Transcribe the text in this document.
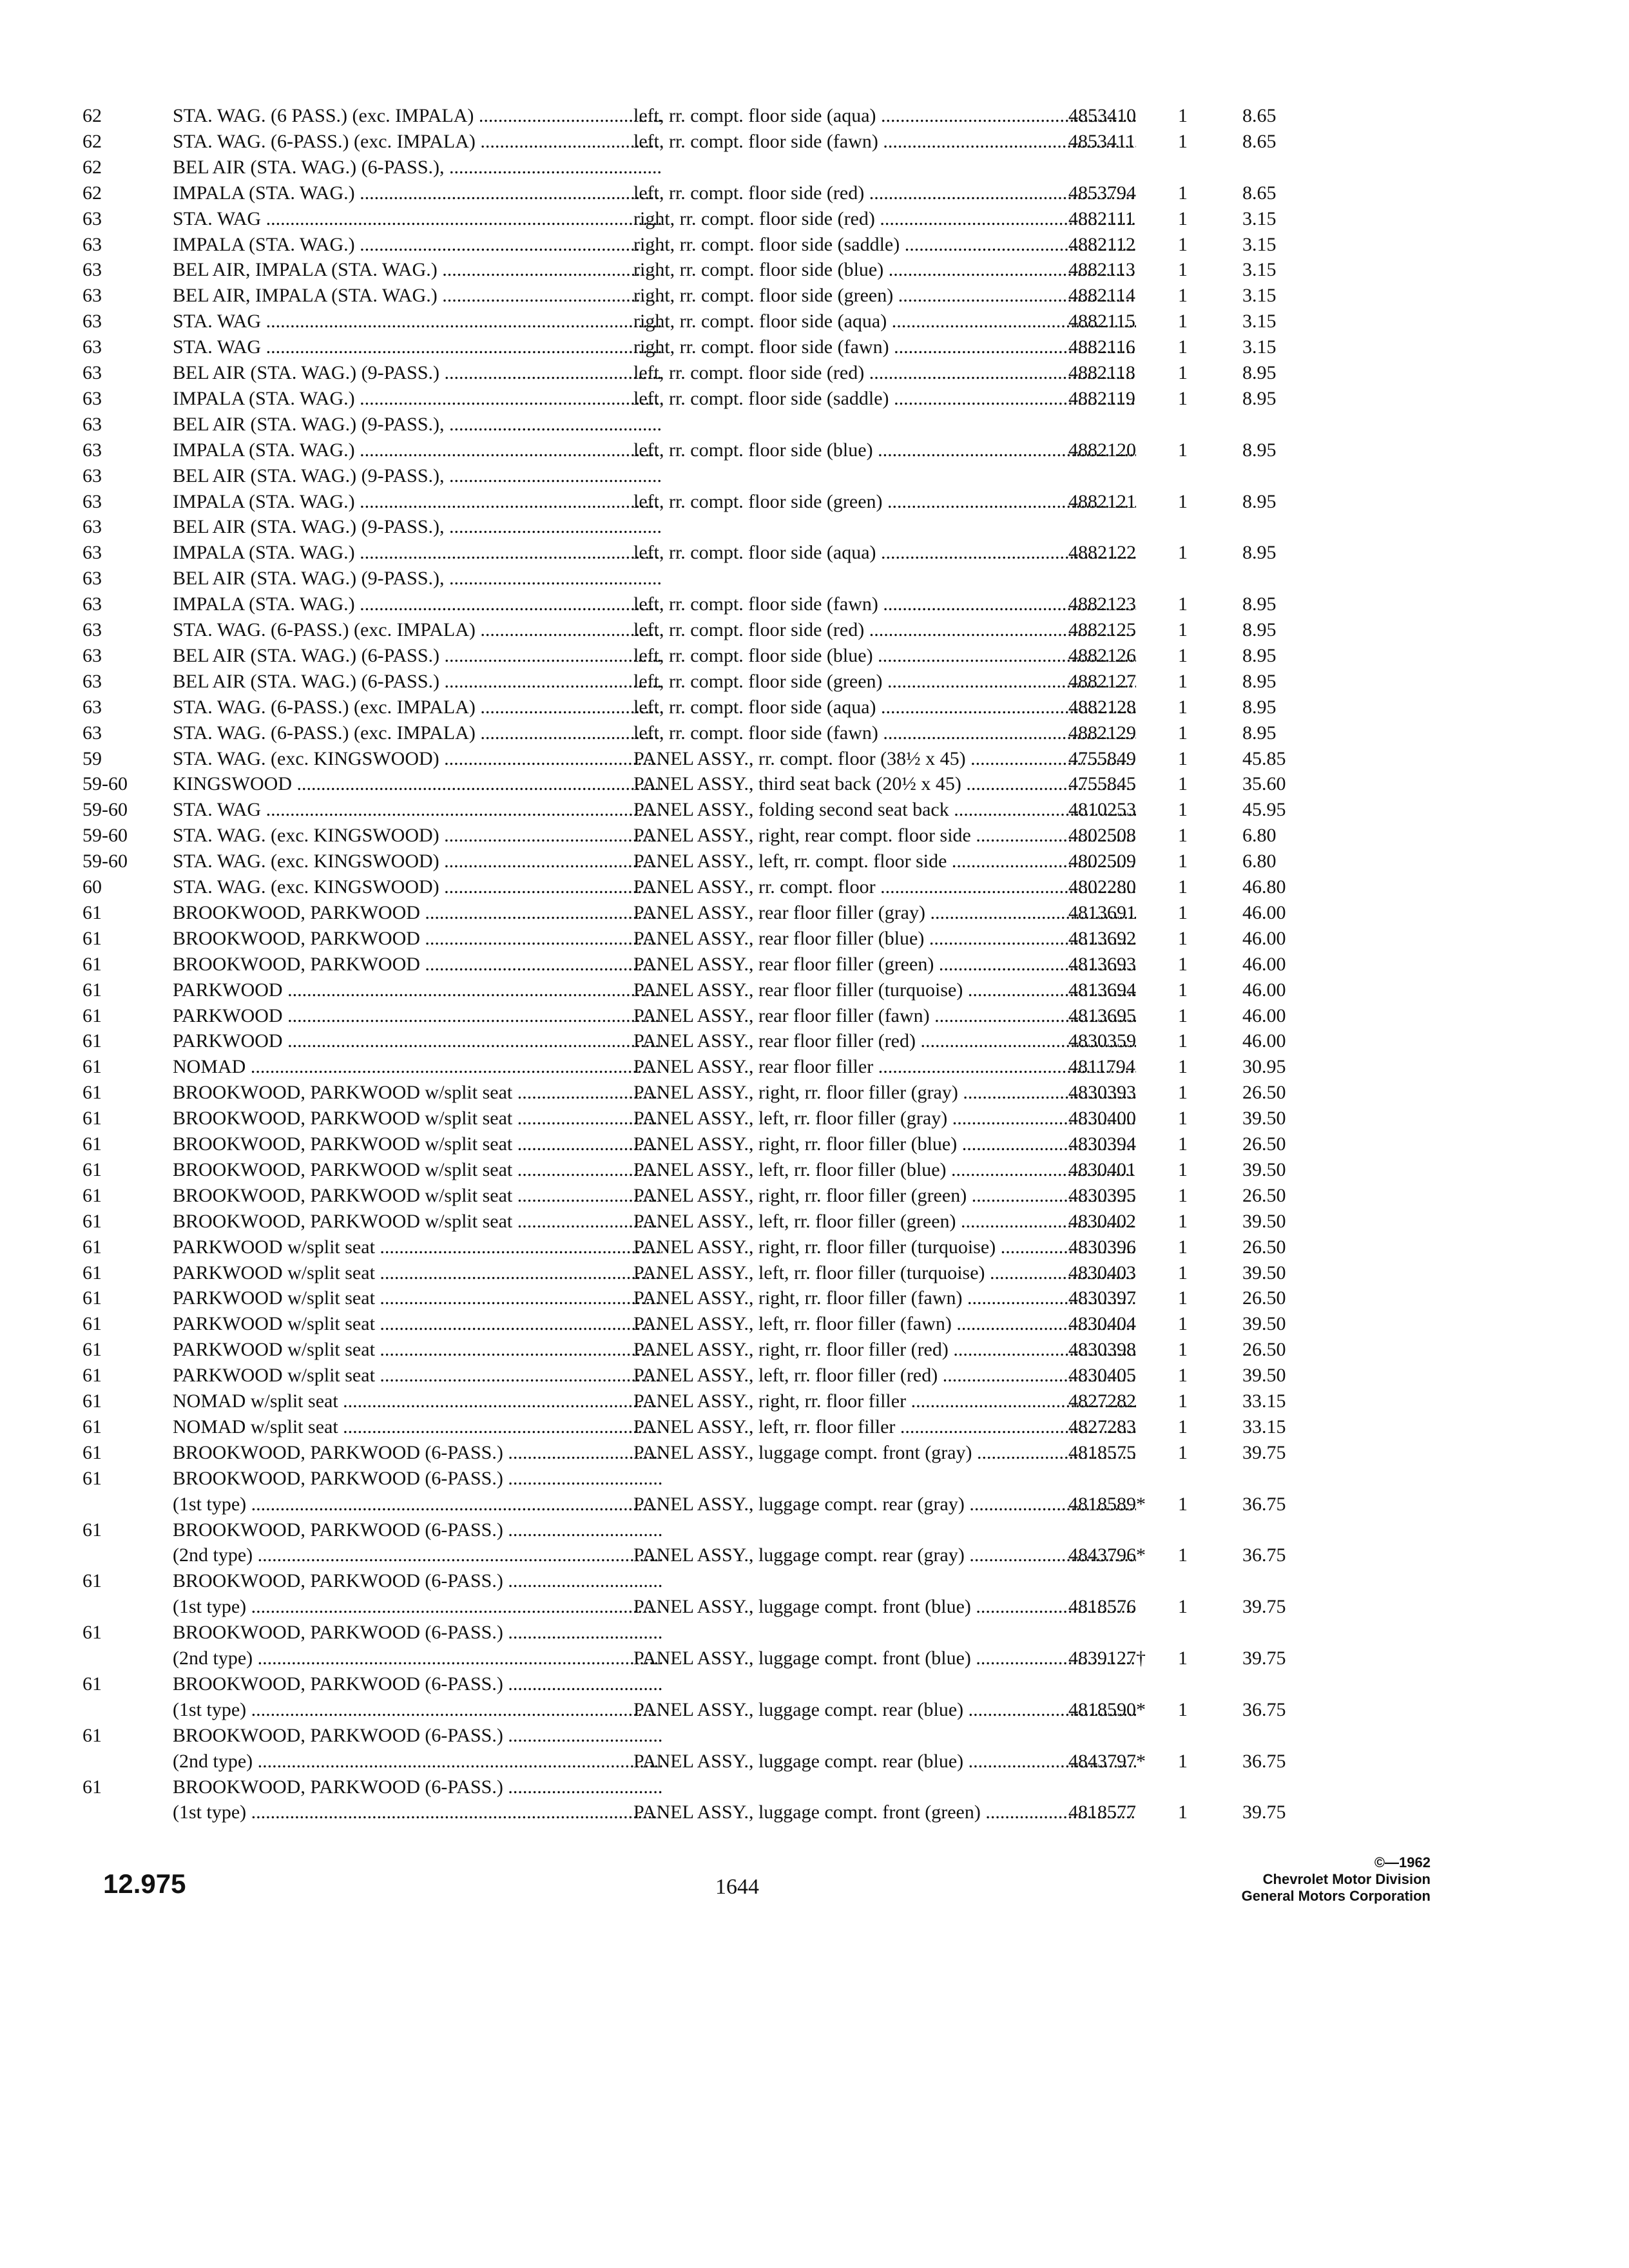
62	STA. WAG. (6 PASS.) (exc. IMPALA) .....	left, rr. compt. floor side (aqua) .....	4853410 1	8.65
62	STA. WAG. (6-PASS.) (exc. IMPALA) .....	left, rr. compt. floor side (fawn) .....	4853411 1	8.65
62	BEL AIR (STA. WAG.) (6-PASS.), .....
62	IMPALA (STA. WAG.) .....	left, rr. compt. floor side (red) .....	4853794 1	8.65
63	STA. WAG .....	right, rr. compt. floor side (red) .....	4882111 1	3.15
63	IMPALA (STA. WAG.) .....	right, rr. compt. floor side (saddle) .....	4882112 1	3.15
63	BEL AIR, IMPALA (STA. WAG.) .....	right, rr. compt. floor side (blue) .....	4882113 1	3.15
63	BEL AIR, IMPALA (STA. WAG.) .....	right, rr. compt. floor side (green) .....	4882114 1	3.15
63	STA. WAG .....	right, rr. compt. floor side (aqua) .....	4882115 1	3.15
63	STA. WAG .....	right, rr. compt. floor side (fawn) .....	4882116 1	3.15
63	BEL AIR (STA. WAG.) (9-PASS.) .....	left, rr. compt. floor side (red) .....	4882118 1	8.95
63	IMPALA (STA. WAG.) .....	left, rr. compt. floor side (saddle) .....	4882119 1	8.95
63	BEL AIR (STA. WAG.) (9-PASS.), .....
63	IMPALA (STA. WAG.) .....	left, rr. compt. floor side (blue) .....	4882120 1	8.95
63	BEL AIR (STA. WAG.) (9-PASS.), .....
63	IMPALA (STA. WAG.) .....	left, rr. compt. floor side (green) .....	4882121 1	8.95
63	BEL AIR (STA. WAG.) (9-PASS.), .....
63	IMPALA (STA. WAG.) .....	left, rr. compt. floor side (aqua) .....	4882122 1	8.95
63	BEL AIR (STA. WAG.) (9-PASS.), .....
63	IMPALA (STA. WAG.) .....	left, rr. compt. floor side (fawn) .....	4882123 1	8.95
63	STA. WAG. (6-PASS.) (exc. IMPALA) .....	left, rr. compt. floor side (red) .....	4882125 1	8.95
63	BEL AIR (STA. WAG.) (6-PASS.) .....	left, rr. compt. floor side (blue) .....	4882126 1	8.95
63	BEL AIR (STA. WAG.) (6-PASS.) .....	left, rr. compt. floor side (green) .....	4882127 1	8.95
63	STA. WAG. (6-PASS.) (exc. IMPALA) .....	left, rr. compt. floor side (aqua) .....	4882128 1	8.95
63	STA. WAG. (6-PASS.) (exc. IMPALA) .....	left, rr. compt. floor side (fawn) .....	4882129 1	8.95
59	STA. WAG. (exc. KINGSWOOD) .....	PANEL ASSY., rr. compt. floor (38½ x 45) .....	4755849 1	45.85
59-60 KINGSWOOD .....	PANEL ASSY., third seat back (20½ x 45) .....	4755845 1	35.60
59-60 STA. WAG .....	PANEL ASSY., folding second seat back .....	4810253 1	45.95
59-60 STA. WAG. (exc. KINGSWOOD) .....	PANEL ASSY., right, rear compt. floor side .....	4802508 1	6.80
59-60 STA. WAG. (exc. KINGSWOOD) .....	PANEL ASSY., left, rr. compt. floor side .....	4802509 1	6.80
60	STA. WAG. (exc. KINGSWOOD) .....	PANEL ASSY., rr. compt. floor .....	4802280 1	46.80
61	BROOKWOOD, PARKWOOD .....	PANEL ASSY., rear floor filler (gray) .....	4813691 1	46.00
61	BROOKWOOD, PARKWOOD .....	PANEL ASSY., rear floor filler (blue) .....	4813692 1	46.00
61	BROOKWOOD, PARKWOOD .....	PANEL ASSY., rear floor filler (green) .....	4813693 1	46.00
61	PARKWOOD .....	PANEL ASSY., rear floor filler (turquoise) .....	4813694 1	46.00
61	PARKWOOD .....	PANEL ASSY., rear floor filler (fawn) .....	4813695 1	46.00
61	PARKWOOD .....	PANEL ASSY., rear floor filler (red) .....	4830359 1	46.00
61	NOMAD .....	PANEL ASSY., rear floor filler .....	4811794 1	30.95
61	BROOKWOOD, PARKWOOD w/split seat .....	PANEL ASSY., right, rr. floor filler (gray) .....	4830393 1	26.50
61	BROOKWOOD, PARKWOOD w/split seat .....	PANEL ASSY., left, rr. floor filler (gray) .....	4830400 1	39.50
61	BROOKWOOD, PARKWOOD w/split seat .....	PANEL ASSY., right, rr. floor filler (blue) .....	4830394 1	26.50
61	BROOKWOOD, PARKWOOD w/split seat .....	PANEL ASSY., left, rr. floor filler (blue) .....	4830401 1	39.50
61	BROOKWOOD, PARKWOOD w/split seat .....	PANEL ASSY., right, rr. floor filler (green) .....	4830395 1	26.50
61	BROOKWOOD, PARKWOOD w/split seat .....	PANEL ASSY., left, rr. floor filler (green) .....	4830402 1	39.50
61	PARKWOOD w/split seat .....	PANEL ASSY., right, rr. floor filler (turquoise) .....	4830396 1	26.50
61	PARKWOOD w/split seat .....	PANEL ASSY., left, rr. floor filler (turquoise) .....	4830403 1	39.50
61	PARKWOOD w/split seat .....	PANEL ASSY., right, rr. floor filler (fawn) .....	4830397 1	26.50
61	PARKWOOD w/split seat .....	PANEL ASSY., left, rr. floor filler (fawn) .....	4830404 1	39.50
61	PARKWOOD w/split seat .....	PANEL ASSY., right, rr. floor filler (red) .....	4830398 1	26.50
61	PARKWOOD w/split seat .....	PANEL ASSY., left, rr. floor filler (red) .....	4830405 1	39.50
61	NOMAD w/split seat .....	PANEL ASSY., right, rr. floor filler .....	4827282 1	33.15
61	NOMAD w/split seat .....	PANEL ASSY., left, rr. floor filler .....	4827283 1	33.15
61	BROOKWOOD, PARKWOOD (6-PASS.) .....	PANEL ASSY., luggage compt. front (gray) .....	4818575 1	39.75
61	BROOKWOOD, PARKWOOD (6-PASS.) .....
(1st type) .....	PANEL ASSY., luggage compt. rear (gray) .....	4818589* 1	36.75
61	BROOKWOOD, PARKWOOD (6-PASS.) .....
(2nd type) .....	PANEL ASSY., luggage compt. rear (gray) .....	4843796* 1	36.75
61	BROOKWOOD, PARKWOOD (6-PASS.) .....
(1st type) .....	PANEL ASSY., luggage compt. front (blue) .....	4818576 1	39.75
61	BROOKWOOD, PARKWOOD (6-PASS.) .....
(2nd type) .....	PANEL ASSY., luggage compt. front (blue) .....	4839127† 1	39.75
61	BROOKWOOD, PARKWOOD (6-PASS.) .....
(1st type) .....	PANEL ASSY., luggage compt. rear (blue) .....	4818590* 1	36.75
61	BROOKWOOD, PARKWOOD (6-PASS.) .....
(2nd type) .....	PANEL ASSY., luggage compt. rear (blue) .....	4843797* 1	36.75
61	BROOKWOOD, PARKWOOD (6-PASS.) .....
(1st type) .....	PANEL ASSY., luggage compt. front (green) .....	4818577 1	39.75
12.975	1644
©—1962
Chevrolet Motor Division
General Motors Corporation
